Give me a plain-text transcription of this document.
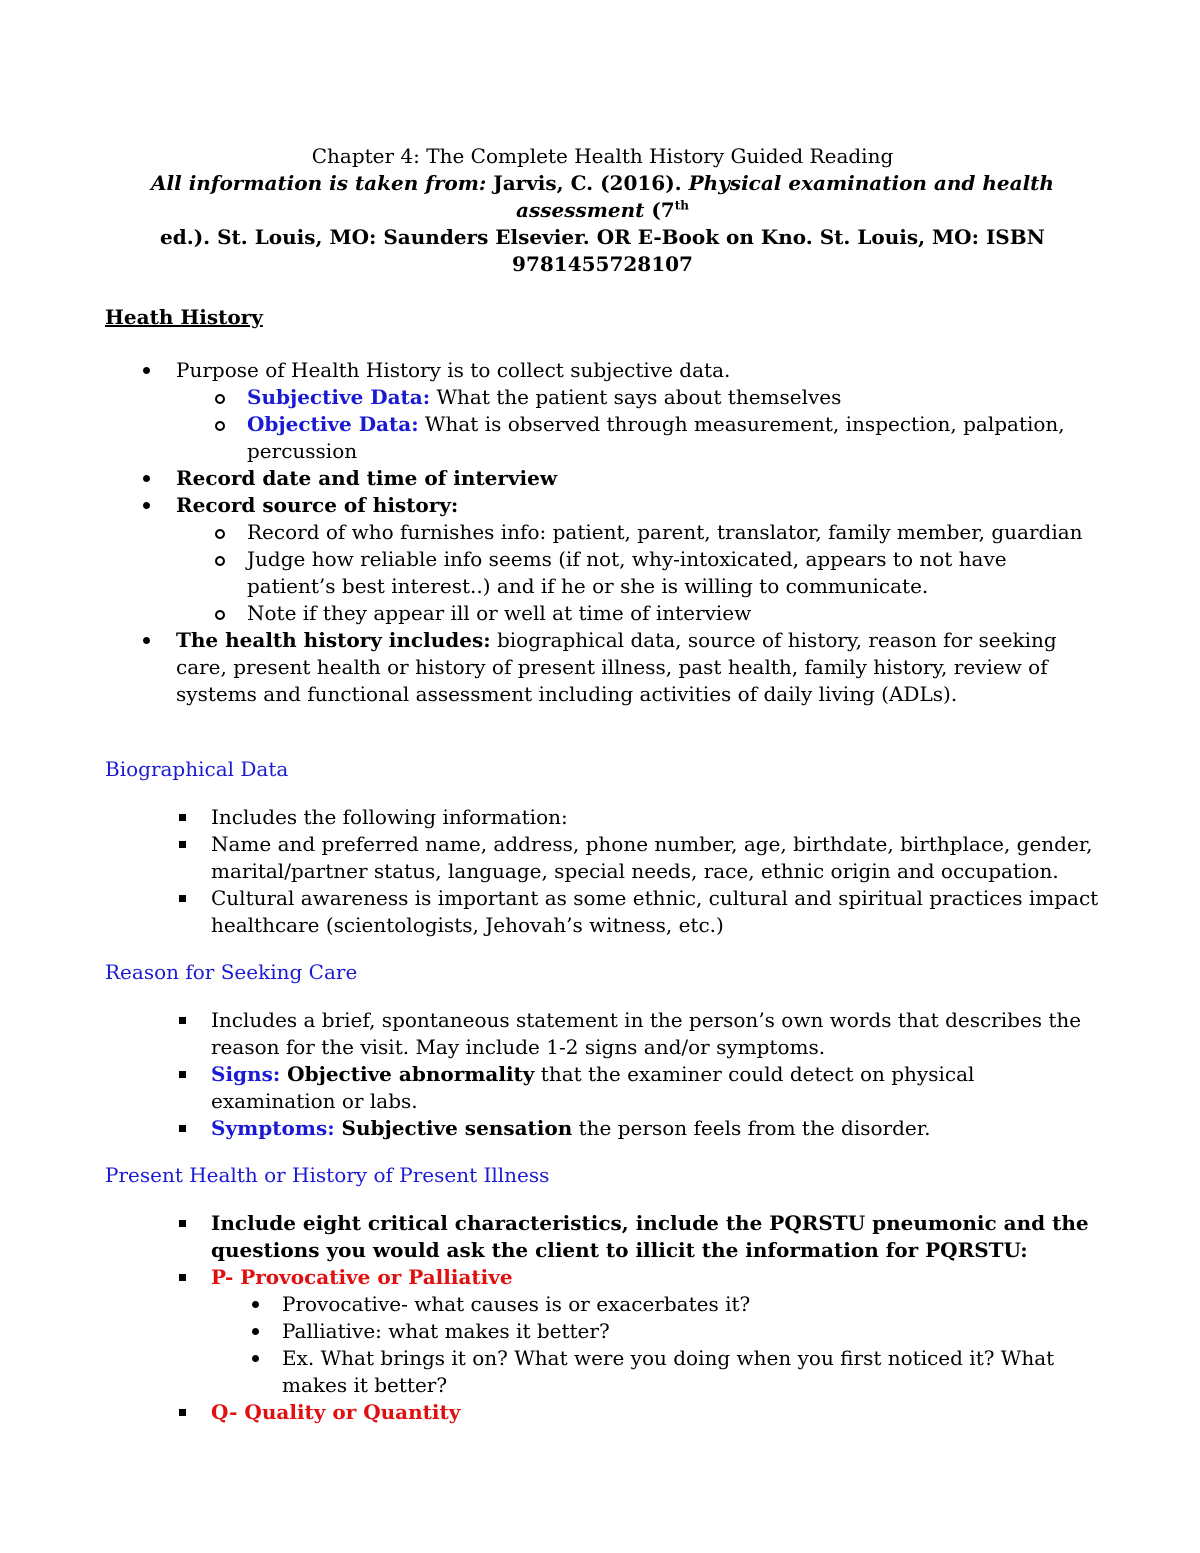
Chapter 4: The Complete Health History Guided Reading
All information is taken from: Jarvis, C. (2016). Physical examination and health assessment (7th
ed.). St. Louis, MO: Saunders Elsevier. OR E-Book on Kno. St. Louis, MO: ISBN 9781455728107
Heath History
Purpose of Health History is to collect subjective data.
Subjective Data: What the patient says about themselves
Objective Data: What is observed through measurement, inspection, palpation, percussion
Record date and time of interview
Record source of history:
Record of who furnishes info: patient, parent, translator, family member, guardian
Judge how reliable info seems (if not, why-intoxicated, appears to not have patient’s best interest..) and if he or she is willing to communicate.
Note if they appear ill or well at time of interview
The health history includes: biographical data, source of history, reason for seeking care, present health or history of present illness, past health, family history, review of systems and functional assessment including activities of daily living (ADLs).
Biographical Data
Includes the following information:
Name and preferred name, address, phone number, age, birthdate, birthplace, gender, marital/partner status, language, special needs, race, ethnic origin and occupation.
Cultural awareness is important as some ethnic, cultural and spiritual practices impact healthcare (scientologists, Jehovah’s witness, etc.)
Reason for Seeking Care
Includes a brief, spontaneous statement in the person’s own words that describes the reason for the visit. May include 1-2 signs and/or symptoms.
Signs: Objective abnormality that the examiner could detect on physical examination or labs.
Symptoms: Subjective sensation the person feels from the disorder.
Present Health or History of Present Illness
Include eight critical characteristics, include the PQRSTU pneumonic and the questions you would ask the client to illicit the information for PQRSTU:
P- Provocative or Palliative
Provocative- what causes is or exacerbates it?
Palliative: what makes it better?
Ex. What brings it on? What were you doing when you first noticed it? What makes it better?
Q- Quality or Quantity
